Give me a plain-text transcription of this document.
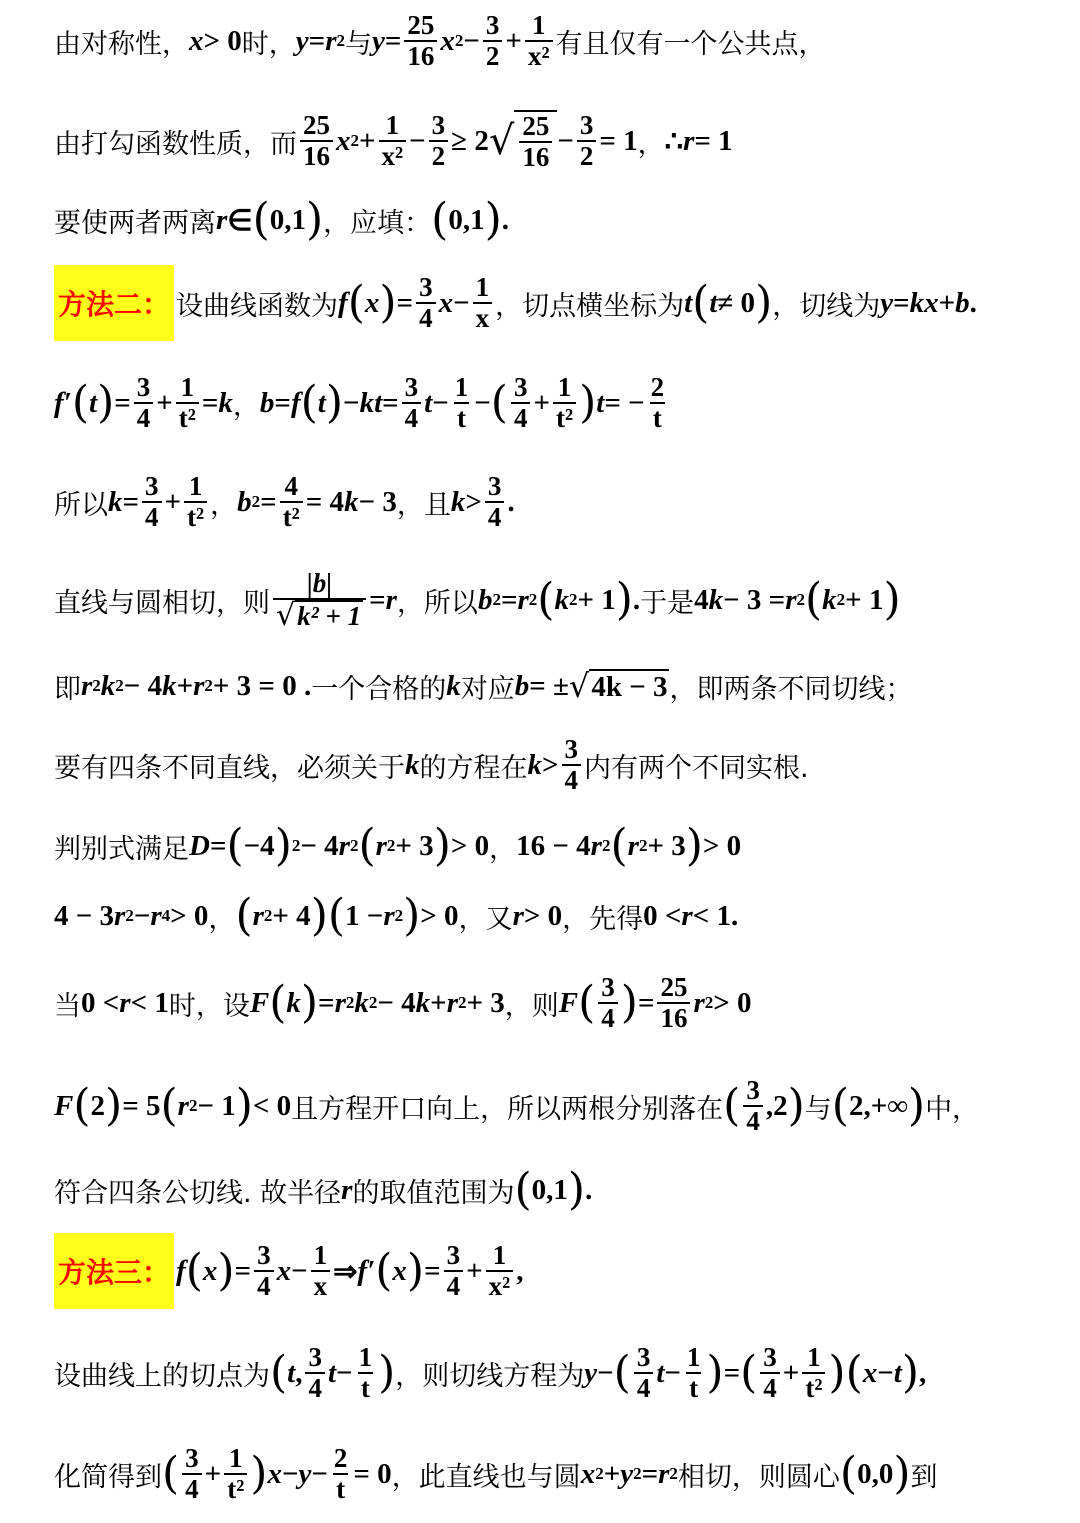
由对称性， x > 0 时， y = r 2 与 $y = \frac{25}{16}$ x $2 - \frac{3}{2} + \frac{1}{\text{x²}}$ 有且仅有一个公共点，
由打勾函数性质，而 $\frac{25}{16}$ x $2 + \frac{1}{\text{x²}} - \frac{3}{2} \ge 2$ √ $\frac{25}{16} - \frac{3}{2} = 1$ ， ∴ r = 1
要使两者两离 r ∈ ( 0,1 ) ，应填： ( 0,1 ) .
方法二： 设曲线函数为 f ( x ) = $\frac{3}{4}$ $x - \frac{1}{x}$ ，切点横坐标为 t ( t ≠ 0 ) ，切线为 y = kx + b .
f′ ( t ) = $\frac{3}{4} + \frac{1}{\text{t²}} = k$ ， b = f ( t ) − kt = $\frac{3}{4}$ $t - \frac{1}{t}$ − ( $\frac{3}{4} + \frac{1}{\text{t²}}$ ) t = − $\frac{2}{t}$
所以 $k = \frac{3}{4} + \frac{1}{\text{t²}}$ ， b $2 = \frac{4}{\text{t²}} = 4$ k − 3 ，且 $k > \frac{3}{4}$ .
直线与圆相切，则 $\frac{|b|}{\text{√ k² + 1}} = r$ ，所以 b 2 = r 2 ( k 2 + 1 ) . 于是 4 k − 3 = r 2 ( k 2 + 1 )
即 r 2 k 2 − 4 k + r 2 + 3 = 0 . 一个合格的 k 对应 b = ± √ 4k − 3 ，即两条不同切线；
要有四条不同直线，必须关于 k 的方程在 $k > \frac{3}{4}$ 内有两个不同实根.
判别式满足 D = ( −4 ) 2 − 4 r 2 ( r 2 + 3 ) > 0 ， 16 − 4 r 2 ( r 2 + 3 ) > 0
4 − 3 r 2 − r 4 > 0 ， ( r 2 + 4 ) ( 1 − r 2 ) > 0 ，又 r > 0 ，先得 0 < r < 1.
当 0 < r < 1 时，设 F ( k ) = r 2 k 2 − 4 k + r 2 + 3 ，则 F ( $\frac{3}{4}$ ) = $\frac{25}{16}$ r 2 > 0
F ( 2 ) = 5 ( r 2 − 1 ) < 0 且方程开口向上，所以两根分别落在 ( $\frac{3}{4} ,2$ ) 与 ( 2,+∞ ) 中，
符合四条公切线. 故半径 r 的取值范围为 ( 0,1 ) .
方法三： f ( x ) = $\frac{3}{4}$ $x - \frac{1}{x}$ ⇒ f′ ( x ) = $\frac{3}{4} + \frac{1}{\text{x²}}$ ,
设曲线上的切点为 ( t , $\frac{3}{4}$ $t - \frac{1}{t}$ ) ，则切线方程为 y − ( $\frac{3}{4}$ $t - \frac{1}{t}$ ) = ( $\frac{3}{4} + \frac{1}{\text{t²}}$ ) ( x − t ) ,
化简得到 ( $\frac{3}{4} + \frac{1}{\text{t²}}$ ) $x - y - \frac{2}{t} = 0$ ，此直线也与圆 x 2 + y 2 = r 2 相切，则圆心 ( 0,0 ) 到
